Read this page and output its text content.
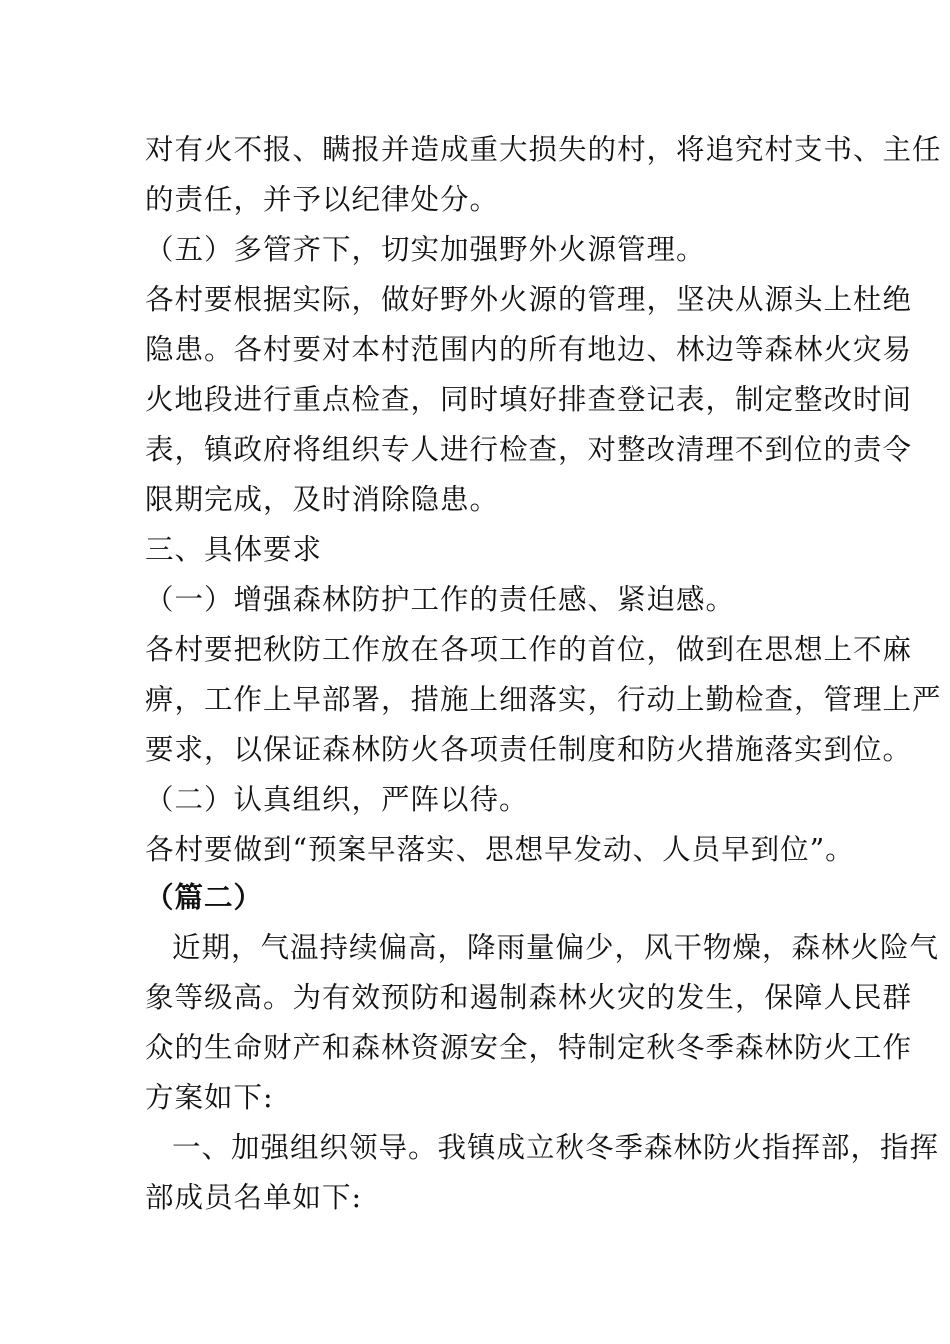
对有火不报、瞒报并造成重大损失的村，将追究村支书、主任
的责任，并予以纪律处分。
（五）多管齐下，切实加强野外火源管理。
各村要根据实际，做好野外火源的管理，坚决从源头上杜绝
隐患。各村要对本村范围内的所有地边、林边等森林火灾易
火地段进行重点检查，同时填好排查登记表，制定整改时间
表，镇政府将组织专人进行检查，对整改清理不到位的责令
限期完成，及时消除隐患。
三、具体要求
（一）增强森林防护工作的责任感、紧迫感。
各村要把秋防工作放在各项工作的首位，做到在思想上不麻
痹，工作上早部署，措施上细落实，行动上勤检查，管理上严
要求，以保证森林防火各项责任制度和防火措施落实到位。
（二）认真组织，严阵以待。
各村要做到“预案早落实、思想早发动、人员早到位”。
（篇二）
近期，气温持续偏高，降雨量偏少，风干物燥，森林火险气
象等级高。为有效预防和遏制森林火灾的发生，保障人民群
众的生命财产和森林资源安全，特制定秋冬季森林防火工作
方案如下:
一、加强组织领导。我镇成立秋冬季森林防火指挥部，指挥
部成员名单如下:
